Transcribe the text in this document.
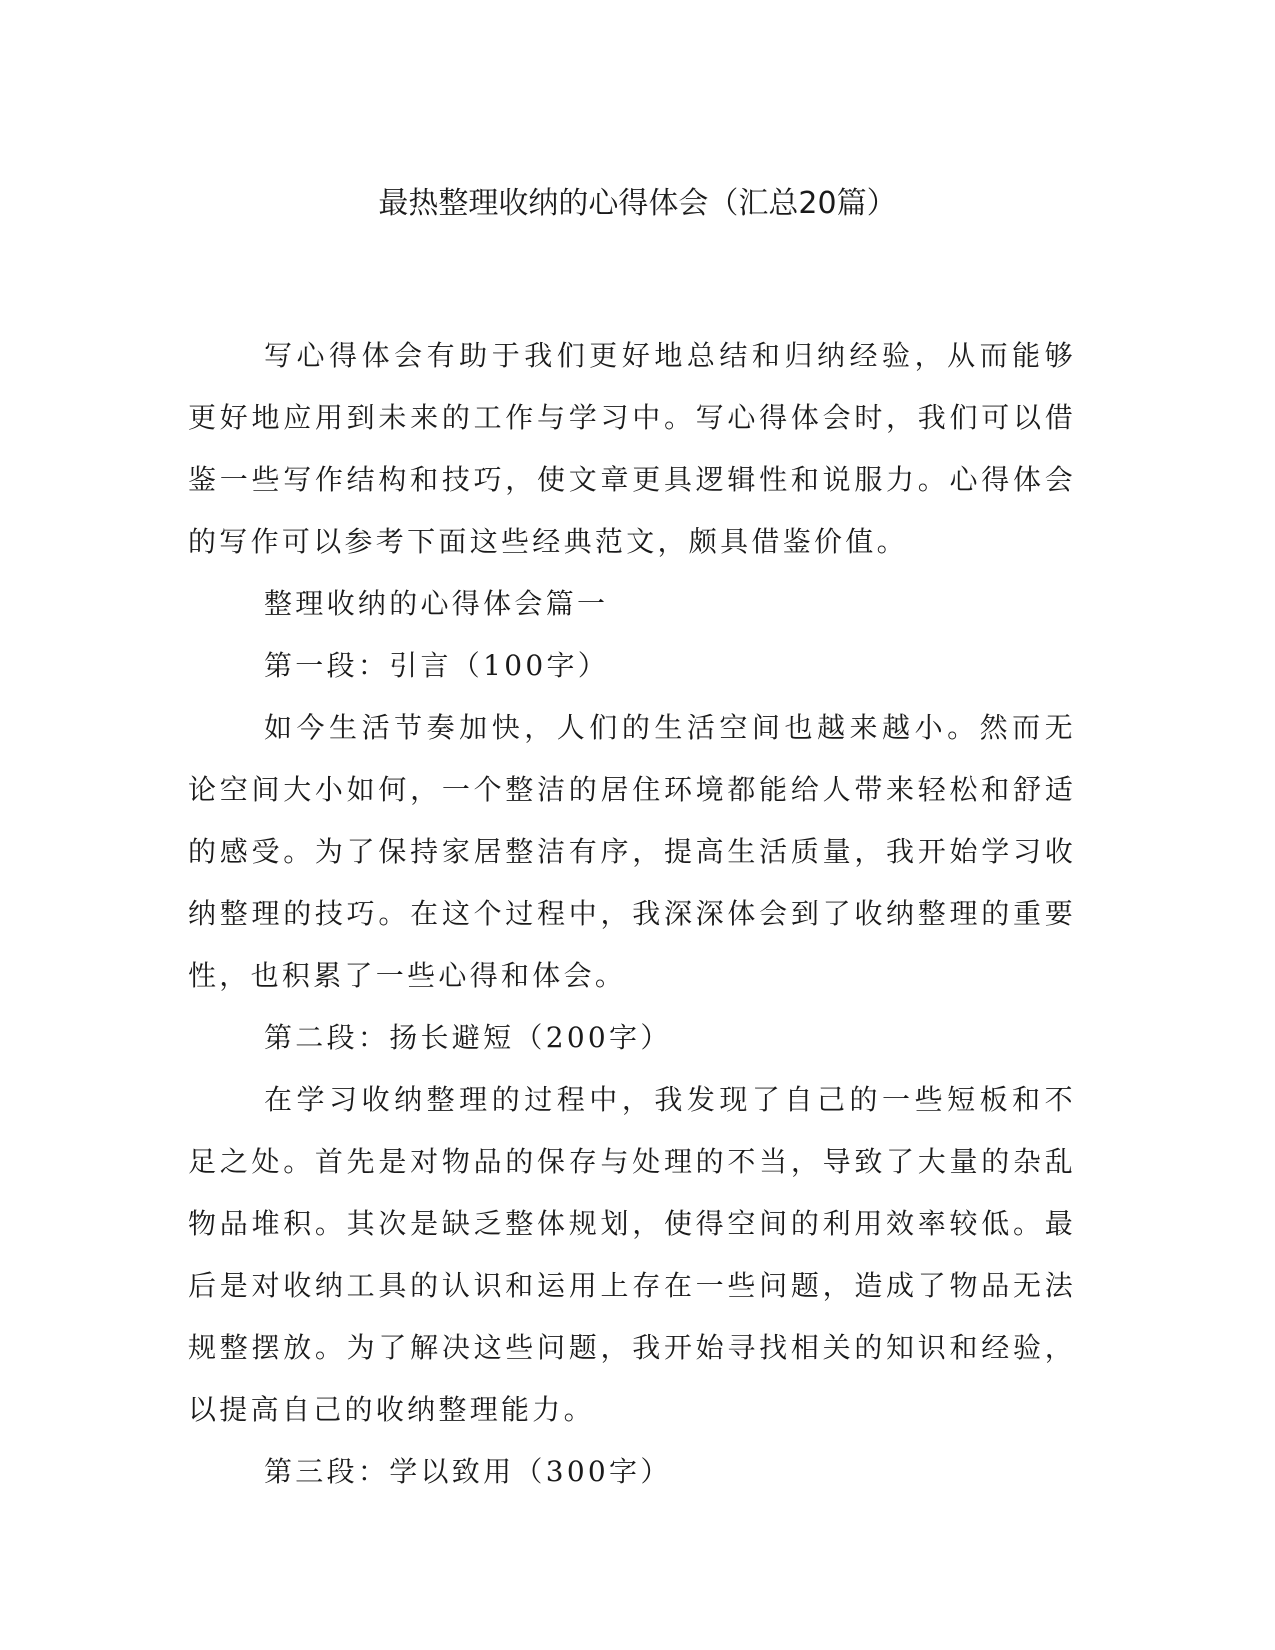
最热整理收纳的心得体会（汇总20篇）

写心得体会有助于我们更好地总结和归纳经验，从而能够更好地应用到未来的工作与学习中。写心得体会时，我们可以借鉴一些写作结构和技巧，使文章更具逻辑性和说服力。心得体会的写作可以参考下面这些经典范文，颇具借鉴价值。

整理收纳的心得体会篇一

第一段：引言（100字）

如今生活节奏加快，人们的生活空间也越来越小。然而无论空间大小如何，一个整洁的居住环境都能给人带来轻松和舒适的感受。为了保持家居整洁有序，提高生活质量，我开始学习收纳整理的技巧。在这个过程中，我深深体会到了收纳整理的重要性，也积累了一些心得和体会。

第二段：扬长避短（200字）

在学习收纳整理的过程中，我发现了自己的一些短板和不足之处。首先是对物品的保存与处理的不当，导致了大量的杂乱物品堆积。其次是缺乏整体规划，使得空间的利用效率较低。最后是对收纳工具的认识和运用上存在一些问题，造成了物品无法规整摆放。为了解决这些问题，我开始寻找相关的知识和经验，以提高自己的收纳整理能力。

第三段：学以致用（300字）
